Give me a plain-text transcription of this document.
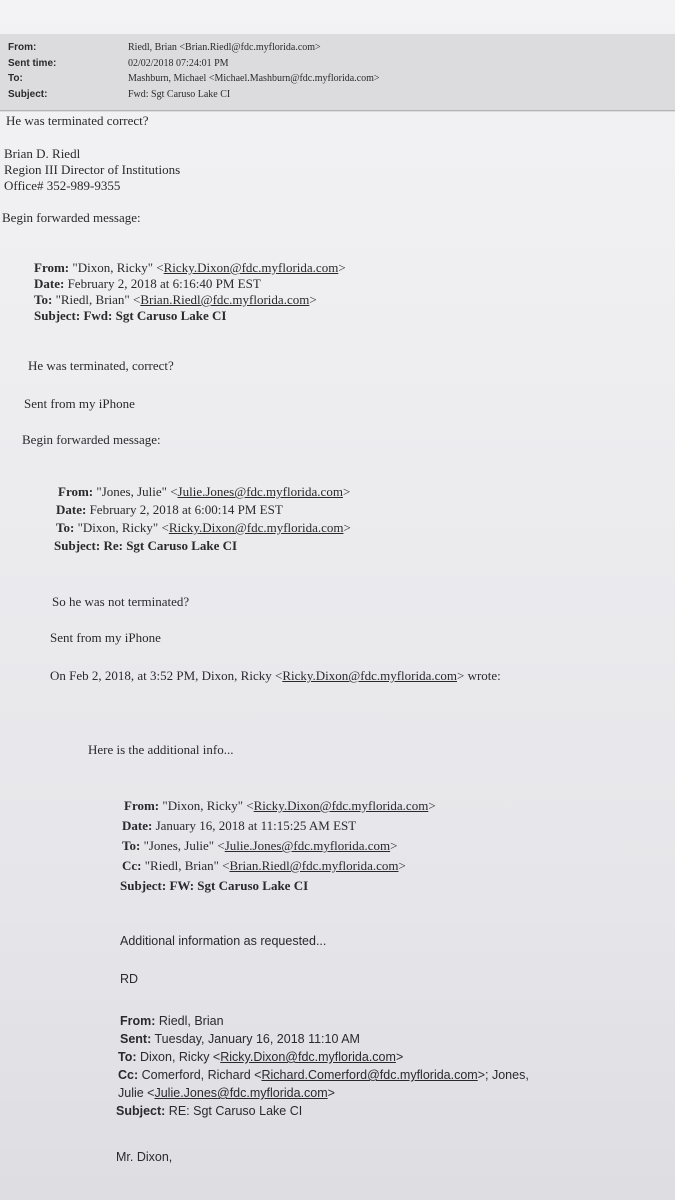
From:	Riedl, Brian <Brian.Riedl@fdc.myflorida.com>
Sent time:	02/02/2018 07:24:01 PM
To:	Mashburn, Michael <Michael.Mashburn@fdc.myflorida.com>
Subject:	Fwd: Sgt Caruso Lake CI
He was terminated correct?
Brian D. Riedl
Region III Director of Institutions
Office# 352-989-9355
Begin forwarded message:
From: "Dixon, Ricky" <Ricky.Dixon@fdc.myflorida.com>
Date: February 2, 2018 at 6:16:40 PM EST
To: "Riedl, Brian" <Brian.Riedl@fdc.myflorida.com>
Subject: Fwd: Sgt Caruso Lake CI
He was terminated, correct?
Sent from my iPhone
Begin forwarded message:
From: "Jones, Julie" <Julie.Jones@fdc.myflorida.com>
Date: February 2, 2018 at 6:00:14 PM EST
To: "Dixon, Ricky" <Ricky.Dixon@fdc.myflorida.com>
Subject: Re: Sgt Caruso Lake CI
So he was not terminated?
Sent from my iPhone
On Feb 2, 2018, at 3:52 PM, Dixon, Ricky <Ricky.Dixon@fdc.myflorida.com> wrote:
Here is the additional info...
From: "Dixon, Ricky" <Ricky.Dixon@fdc.myflorida.com>
Date: January 16, 2018 at 11:15:25 AM EST
To: "Jones, Julie" <Julie.Jones@fdc.myflorida.com>
Cc: "Riedl, Brian" <Brian.Riedl@fdc.myflorida.com>
Subject: FW: Sgt Caruso Lake CI
Additional information as requested...
RD
From: Riedl, Brian
Sent: Tuesday, January 16, 2018 11:10 AM
To: Dixon, Ricky <Ricky.Dixon@fdc.myflorida.com>
Cc: Comerford, Richard <Richard.Comerford@fdc.myflorida.com>; Jones,
Julie <Julie.Jones@fdc.myflorida.com>
Subject: RE: Sgt Caruso Lake CI
Mr. Dixon,
